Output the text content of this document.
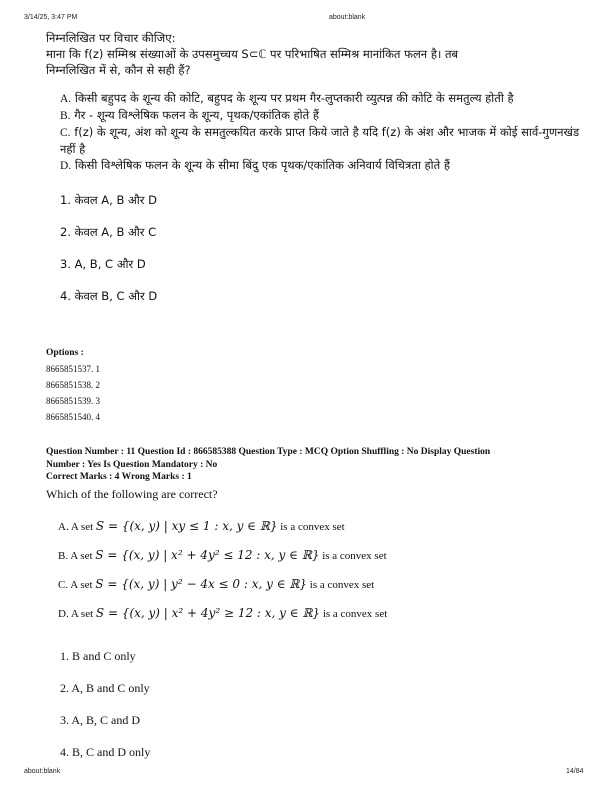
3/14/25, 3:47 PM	about:blank

निम्नलिखित पर विचार कीजिए:

माना कि f(z) सम्मिश्र संख्याओं के उपसमुच्चय S⊂ℂ पर परिभाषित सम्मिश्र मानांकित फलन है। तब

निम्नलिखित में से, कौन से सही हैं?

A. किसी बहुपद के शून्य की कोटि, बहुपद के शून्य पर प्रथम गैर-लुप्तकारी व्युत्पन्न की कोटि के समतुल्य होती है

B. गैर - शून्य विश्लेषिक फलन के शून्य, पृथक/एकांतिक होते हैं

C. f(z) के शून्य, अंश को शून्य के समतुल्कयित करके प्राप्त किये जाते है यदि f(z) के अंश और भाजक में कोई सार्व-गुणनखंड नहीं है

D. किसी विश्लेषिक फलन के शून्य के सीमा बिंदु एक पृथक/एकांतिक अनिवार्य विचित्रता होते हैं

1. केवल A, B और D
2. केवल A, B और C
3. A, B, C और D
4. केवल B, C और D
Options :
8665851537. 1
8665851538. 2
8665851539. 3
8665851540. 4
Question Number : 11 Question Id : 866585388 Question Type : MCQ Option Shuffling : No Display Question
Number : Yes Is Question Mandatory : No
Correct Marks : 4 Wrong Marks : 1
Which of the following are correct?
A. A set S = {(x, y) | xy ≤ 1 : x, y ∈ ℝ} is a convex set
B. A set S = {(x, y) | x² + 4y² ≤ 12 : x, y ∈ ℝ} is a convex set
C. A set S = {(x, y) | y² − 4x ≤ 0 : x, y ∈ ℝ} is a convex set
D. A set S = {(x, y) | x² + 4y² ≥ 12 : x, y ∈ ℝ} is a convex set
1. B and C only
2. A, B and C only
3. A, B, C and D
4. B, C and D only
about:blank	14/84
